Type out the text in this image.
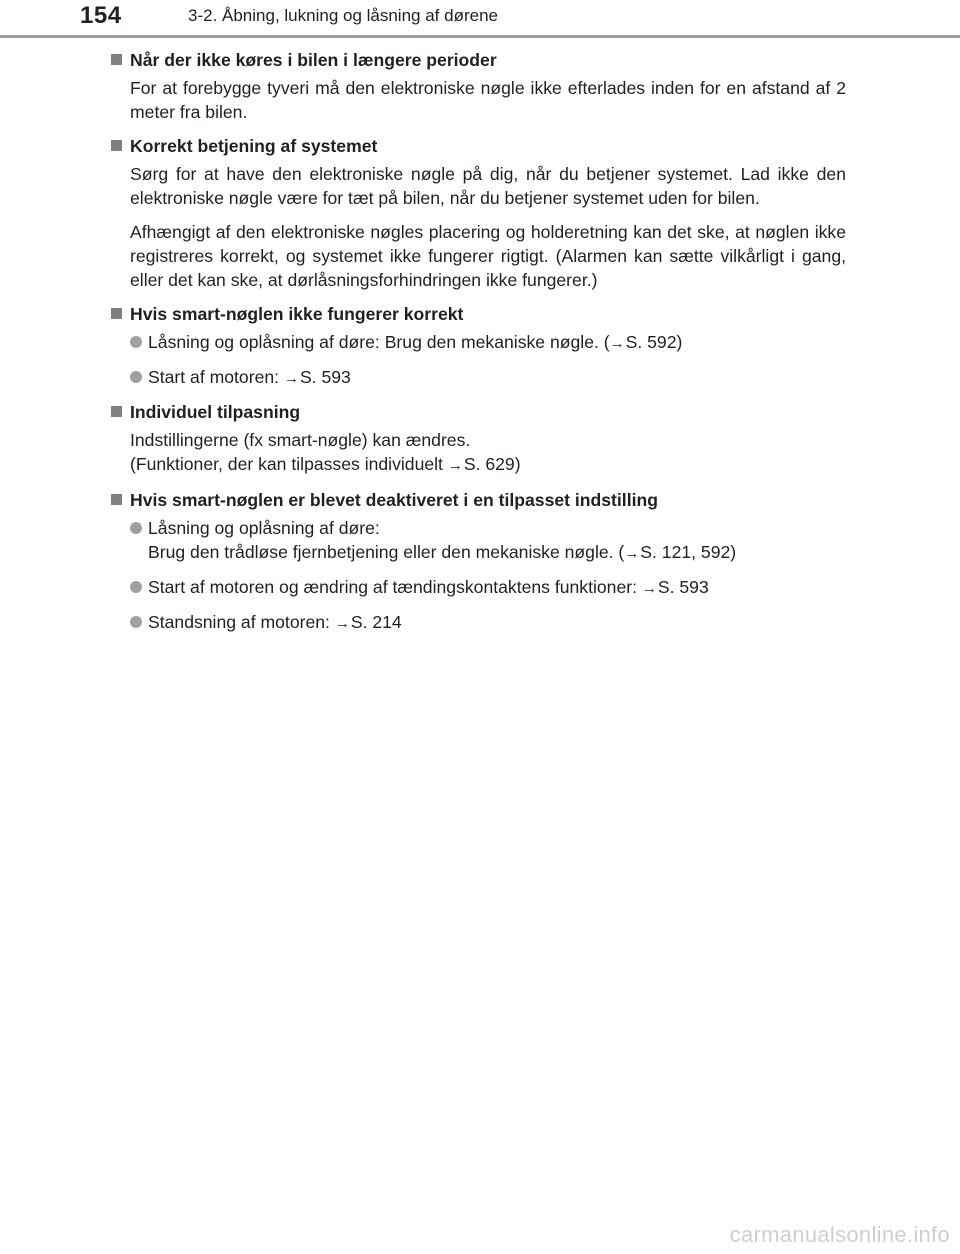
154	3-2. Åbning, lukning og låsning af dørene
Når der ikke køres i bilen i længere perioder
For at forebygge tyveri må den elektroniske nøgle ikke efterlades inden for en afstand af 2 meter fra bilen.
Korrekt betjening af systemet
Sørg for at have den elektroniske nøgle på dig, når du betjener systemet. Lad ikke den elektroniske nøgle være for tæt på bilen, når du betjener systemet uden for bilen.
Afhængigt af den elektroniske nøgles placering og holderetning kan det ske, at nøglen ikke registreres korrekt, og systemet ikke fungerer rigtigt. (Alarmen kan sætte vilkårligt i gang, eller det kan ske, at dørlåsningsforhindringen ikke fungerer.)
Hvis smart-nøglen ikke fungerer korrekt
Låsning og oplåsning af døre: Brug den mekaniske nøgle. (→S. 592)
Start af motoren: →S. 593
Individuel tilpasning
Indstillingerne (fx smart-nøgle) kan ændres.
(Funktioner, der kan tilpasses individuelt →S. 629)
Hvis smart-nøglen er blevet deaktiveret i en tilpasset indstilling
Låsning og oplåsning af døre:
Brug den trådløse fjernbetjening eller den mekaniske nøgle. (→S. 121, 592)
Start af motoren og ændring af tændingskontaktens funktioner: →S. 593
Standsning af motoren: →S. 214
carmanualsonline.info
